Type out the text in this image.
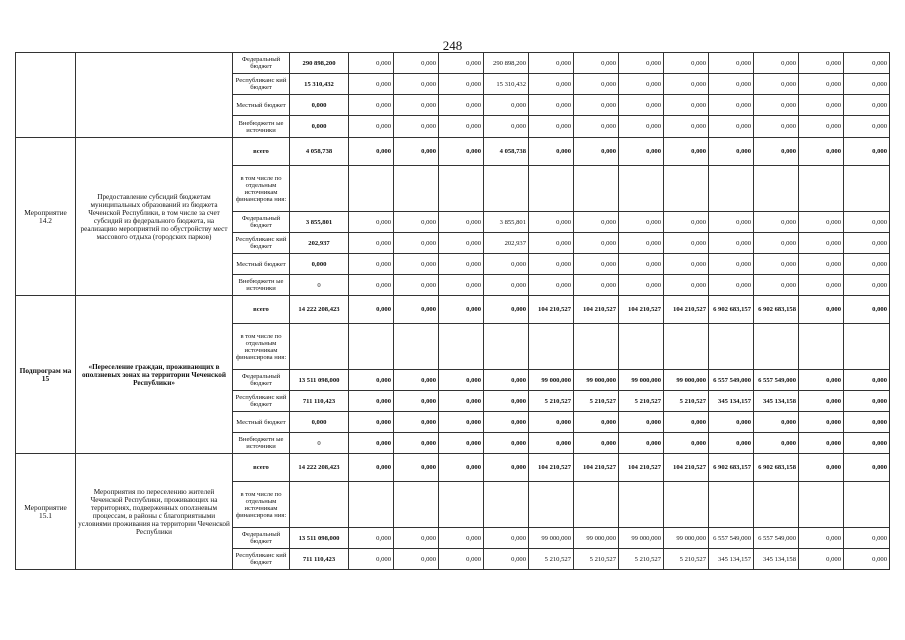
248
		Федеральный бюджет	290 898,200	0,000	0,000	0,000	290 898,200	0,000	0,000	0,000	0,000	0,000	0,000	0,000	0,000
		Республиканс кий бюджет	15 310,432	0,000	0,000	0,000	15 310,432	0,000	0,000	0,000	0,000	0,000	0,000	0,000	0,000
		Местный бюджет	0,000	0,000	0,000	0,000	0,000	0,000	0,000	0,000	0,000	0,000	0,000	0,000	0,000
		Внебюджетн ые источники	0,000	0,000	0,000	0,000	0,000	0,000	0,000	0,000	0,000	0,000	0,000	0,000	0,000
Мероприятие 14.2	Предоставление субсидий бюджетам муниципальных образований из бюджета Чеченской Республики, в том числе за счет субсидий из федерального бюджета, на реализацию мероприятий по обустройству мест массового отдыха (городских парков)	всего	4 058,738	0,000	0,000	0,000	4 058,738	0,000	0,000	0,000	0,000	0,000	0,000	0,000	0,000
		в том числе по отдельным источникам финансирова ния:													
		Федеральный бюджет	3 855,801	0,000	0,000	0,000	3 855,801	0,000	0,000	0,000	0,000	0,000	0,000	0,000	0,000
		Республиканс кий бюджет	202,937	0,000	0,000	0,000	202,937	0,000	0,000	0,000	0,000	0,000	0,000	0,000	0,000
		Местный бюджет	0,000	0,000	0,000	0,000	0,000	0,000	0,000	0,000	0,000	0,000	0,000	0,000	0,000
		Внебюджетн ые источники	0	0,000	0,000	0,000	0,000	0,000	0,000	0,000	0,000	0,000	0,000	0,000	0,000
Подпрограм ма 15	«Переселение граждан, проживающих в оползневых зонах на территории Чеченской Республики»	всего	14 222 208,423	0,000	0,000	0,000	0,000	104 210,527	104 210,527	104 210,527	104 210,527	6 902 683,157	6 902 683,158	0,000	0,000
		в том числе по отдельным источникам финансирова ния:													
		Федеральный бюджет	13 511 098,000	0,000	0,000	0,000	0,000	99 000,000	99 000,000	99 000,000	99 000,000	6 557 549,000	6 557 549,000	0,000	0,000
		Республиканс кий бюджет	711 110,423	0,000	0,000	0,000	0,000	5 210,527	5 210,527	5 210,527	5 210,527	345 134,157	345 134,158	0,000	0,000
		Местный бюджет	0,000	0,000	0,000	0,000	0,000	0,000	0,000	0,000	0,000	0,000	0,000	0,000	0,000
		Внебюджетн ые источники	0	0,000	0,000	0,000	0,000	0,000	0,000	0,000	0,000	0,000	0,000	0,000	0,000
Мероприятие 15.1	Мероприятия по переселению жителей Чеченской Республики, проживающих на территориях, подверженных оползневым процессам, в районы с благоприятными условиями проживания на территории Чеченской Республики	всего	14 222 208,423	0,000	0,000	0,000	0,000	104 210,527	104 210,527	104 210,527	104 210,527	6 902 683,157	6 902 683,158	0,000	0,000
		в том числе по отдельным источникам финансирова ния:													
		Федеральный бюджет	13 511 098,000	0,000	0,000	0,000	0,000	99 000,000	99 000,000	99 000,000	99 000,000	6 557 549,000	6 557 549,000	0,000	0,000
		Республиканс кий бюджет	711 110,423	0,000	0,000	0,000	0,000	5 210,527	5 210,527	5 210,527	5 210,527	345 134,157	345 134,158	0,000	0,000
